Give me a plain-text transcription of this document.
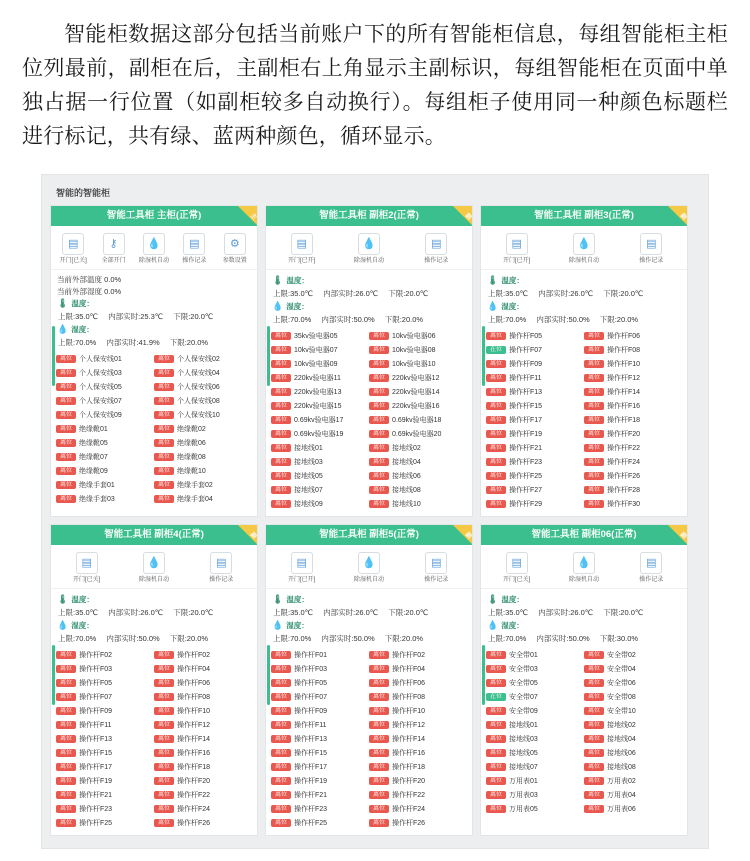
智能柜数据这部分包括当前账户下的所有智能柜信息，每组智能柜主柜位列最前，副柜在后，主副柜右上角显示主副标识，每组智能柜在页面中单独占据一行位置（如副柜较多自动换行）。每组柜子使用同一种颜色标题栏进行标记，共有绿、蓝两种颜色，循环显示。
智能的智能柜
智能工具柜 主柜(正常)	主
▤
开门[已关]
⚷
全部开门
💧
除湿机自动
▤
操作记录
⚙
参数设置
当前外部温度 0.0%
当前外部湿度 0.0%
🌡 温度：
上限:35.0℃ 内部实时:25.3℃ 下限:20.0℃
💧 湿度：
上限:70.0% 内部实时:41.9% 下限:20.0%
离位	个人保安线01	离位	个人保安线02
离位	个人保安线03	离位	个人保安线04
离位	个人保安线05	离位	个人保安线06
离位	个人保安线07	离位	个人保安线08
离位	个人保安线09	离位	个人保安线10
离位	绝缘靴01	离位	绝缘靴02
离位	绝缘靴05	离位	绝缘靴06
离位	绝缘靴07	离位	绝缘靴08
离位	绝缘靴09	离位	绝缘靴10
离位	绝缘手套01	离位	绝缘手套02
离位	绝缘手套03	离位	绝缘手套04
智能工具柜 副柜2(正常)	副
▤
开门[已开]
💧
除湿机自动
▤
操作记录
🌡 温度：
上限:35.0℃ 内部实时:26.0℃ 下限:20.0℃
💧 湿度：
上限:70.0% 内部实时:50.0% 下限:20.0%
离位	35kv验电器05	离位	10kv验电器06
离位	10kv验电器07	离位	10kv验电器08
离位	10kv验电器09	离位	10kv验电器10
离位	220kv验电器11	离位	220kv验电器12
离位	220kv验电器13	离位	220kv验电器14
离位	220kv验电器15	离位	220kv验电器16
离位	0.69kv验电器17	离位	0.69kv验电器18
离位	0.69kv验电器19	离位	0.69kv验电器20
离位	接地线01	离位	接地线02
离位	接地线03	离位	接地线04
离位	接地线05	离位	接地线06
离位	接地线07	离位	接地线08
离位	接地线09	离位	接地线10
智能工具柜 副柜3(正常)	副
▤
开门[已开]
💧
除湿机自动
▤
操作记录
🌡 温度：
上限:35.0℃ 内部实时:26.0℃ 下限:20.0℃
💧 湿度：
上限:70.0% 内部实时:50.0% 下限:20.0%
离位	操作杆F05	离位	操作杆F06
在位	操作杆F07	离位	操作杆F08
离位	操作杆F09	离位	操作杆F10
离位	操作杆F11	离位	操作杆F12
离位	操作杆F13	离位	操作杆F14
离位	操作杆F15	离位	操作杆F16
离位	操作杆F17	离位	操作杆F18
离位	操作杆F19	离位	操作杆F20
离位	操作杆F21	离位	操作杆F22
离位	操作杆F23	离位	操作杆F24
离位	操作杆F25	离位	操作杆F26
离位	操作杆F27	离位	操作杆F28
离位	操作杆F29	离位	操作杆F30
智能工具柜 副柜4(正常)	副
▤
开门[已关]
💧
除湿机自动
▤
操作记录
🌡 温度：
上限:35.0℃ 内部实时:26.0℃ 下限:20.0℃
💧 湿度：
上限:70.0% 内部实时:50.0% 下限:20.0%
离位	操作杆F02	离位	操作杆F02
离位	操作杆F03	离位	操作杆F04
离位	操作杆F05	离位	操作杆F06
离位	操作杆F07	离位	操作杆F08
离位	操作杆F09	离位	操作杆F10
离位	操作杆F11	离位	操作杆F12
离位	操作杆F13	离位	操作杆F14
离位	操作杆F15	离位	操作杆F16
离位	操作杆F17	离位	操作杆F18
离位	操作杆F19	离位	操作杆F20
离位	操作杆F21	离位	操作杆F22
离位	操作杆F23	离位	操作杆F24
离位	操作杆F25	离位	操作杆F26
智能工具柜 副柜5(正常)	副
▤
开门[已开]
💧
除湿机自动
▤
操作记录
🌡 温度：
上限:35.0℃ 内部实时:26.0℃ 下限:20.0℃
💧 湿度：
上限:70.0% 内部实时:50.0% 下限:20.0%
离位	操作杆F01	离位	操作杆F02
离位	操作杆F03	离位	操作杆F04
离位	操作杆F05	离位	操作杆F06
离位	操作杆F07	离位	操作杆F08
离位	操作杆F09	离位	操作杆F10
离位	操作杆F11	离位	操作杆F12
离位	操作杆F13	离位	操作杆F14
离位	操作杆F15	离位	操作杆F16
离位	操作杆F17	离位	操作杆F18
离位	操作杆F19	离位	操作杆F20
离位	操作杆F21	离位	操作杆F22
离位	操作杆F23	离位	操作杆F24
离位	操作杆F25	离位	操作杆F26
智能工具柜 副柜06(正常)	副
▤
开门[已关]
💧
除湿机自动
▤
操作记录
🌡 温度：
上限:35.0℃ 内部实时:26.0℃ 下限:20.0℃
💧 湿度：
上限:70.0% 内部实时:50.0% 下限:30.0%
离位	安全带01	离位	安全带02
离位	安全带03	离位	安全带04
离位	安全带05	离位	安全带06
在位	安全带07	离位	安全带08
离位	安全带09	离位	安全带10
离位	接地线01	离位	接地线02
离位	接地线03	离位	接地线04
离位	接地线05	离位	接地线06
离位	接地线07	离位	接地线08
离位	万用表01	离位	万用表02
离位	万用表03	离位	万用表04
离位	万用表05	离位	万用表06
